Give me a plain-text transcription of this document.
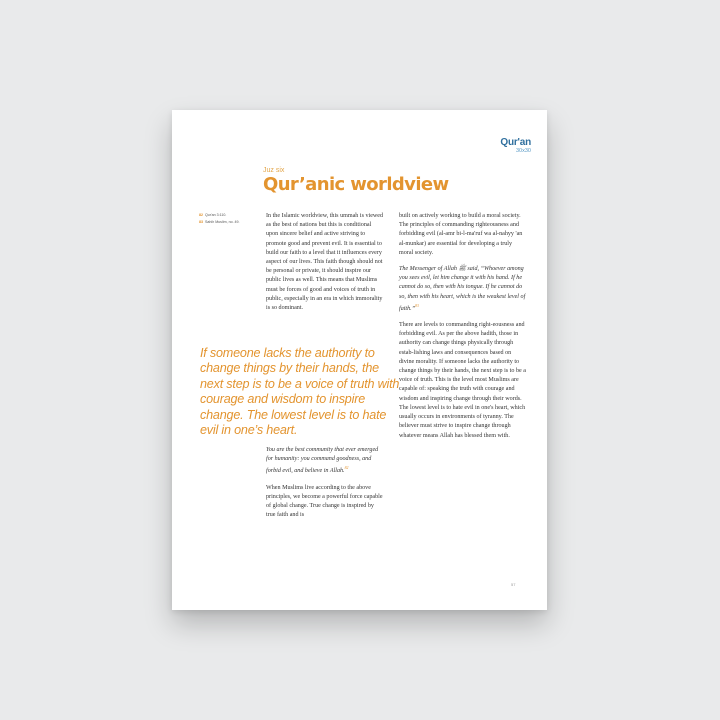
Qur'an
30x30
Juz six
Qur’anic worldview
82 Qur'an 3:110.
83 Sahih Muslim, no. 49.

In the Islamic worldview, this ummah is viewed as the best of nations but this is conditional upon sincere belief and active striving to promote good and prevent evil. It is essential to build our faith to a level that it influences every aspect of our lives. This faith though should not be personal or private, it should inspire our public lives as well. This means that Muslims must be forces of good and voices of truth in public, especially in an era in which immorality is so dominant.

If someone lacks the authority to change things by their hands, the next step is to be a voice of truth with courage and wisdom to inspire change. The lowest level is to hate evil in one’s heart.

You are the best community that ever emerged for humanity: you command goodness, and forbid evil, and believe in Allah.$^{82}$

When Muslims live according to the above principles, we become a powerful force capable of global change. True change is inspired by true faith and is

built on actively working to build a moral society. The principles of commanding righteousness and forbidding evil (al-amr bi-l-ma'ruf wa al-nahyy 'an al-munkar) are essential for developing a truly moral society.

The Messenger of Allah ﷺ said, “Whoever among you sees evil, let him change it with his hand. If he cannot do so, then with his tongue. If he cannot do so, then with his heart, which is the weakest level of faith.”$^{83}$

There are levels to commanding right-eousness and forbidding evil. As per the above hadith, those in authority can change things physically through estab-lishing laws and consequences based on divine morality. If someone lacks the authority to change things by their hands, the next step is to be a voice of truth. This is the level most Muslims are capable of: speaking the truth with courage and wisdom and inspiring change through their words. The lowest level is to hate evil in one's heart, which usually occurs in environments of tyranny. The believer must strive to inspire change through whatever means Allah has blessed them with.

57
